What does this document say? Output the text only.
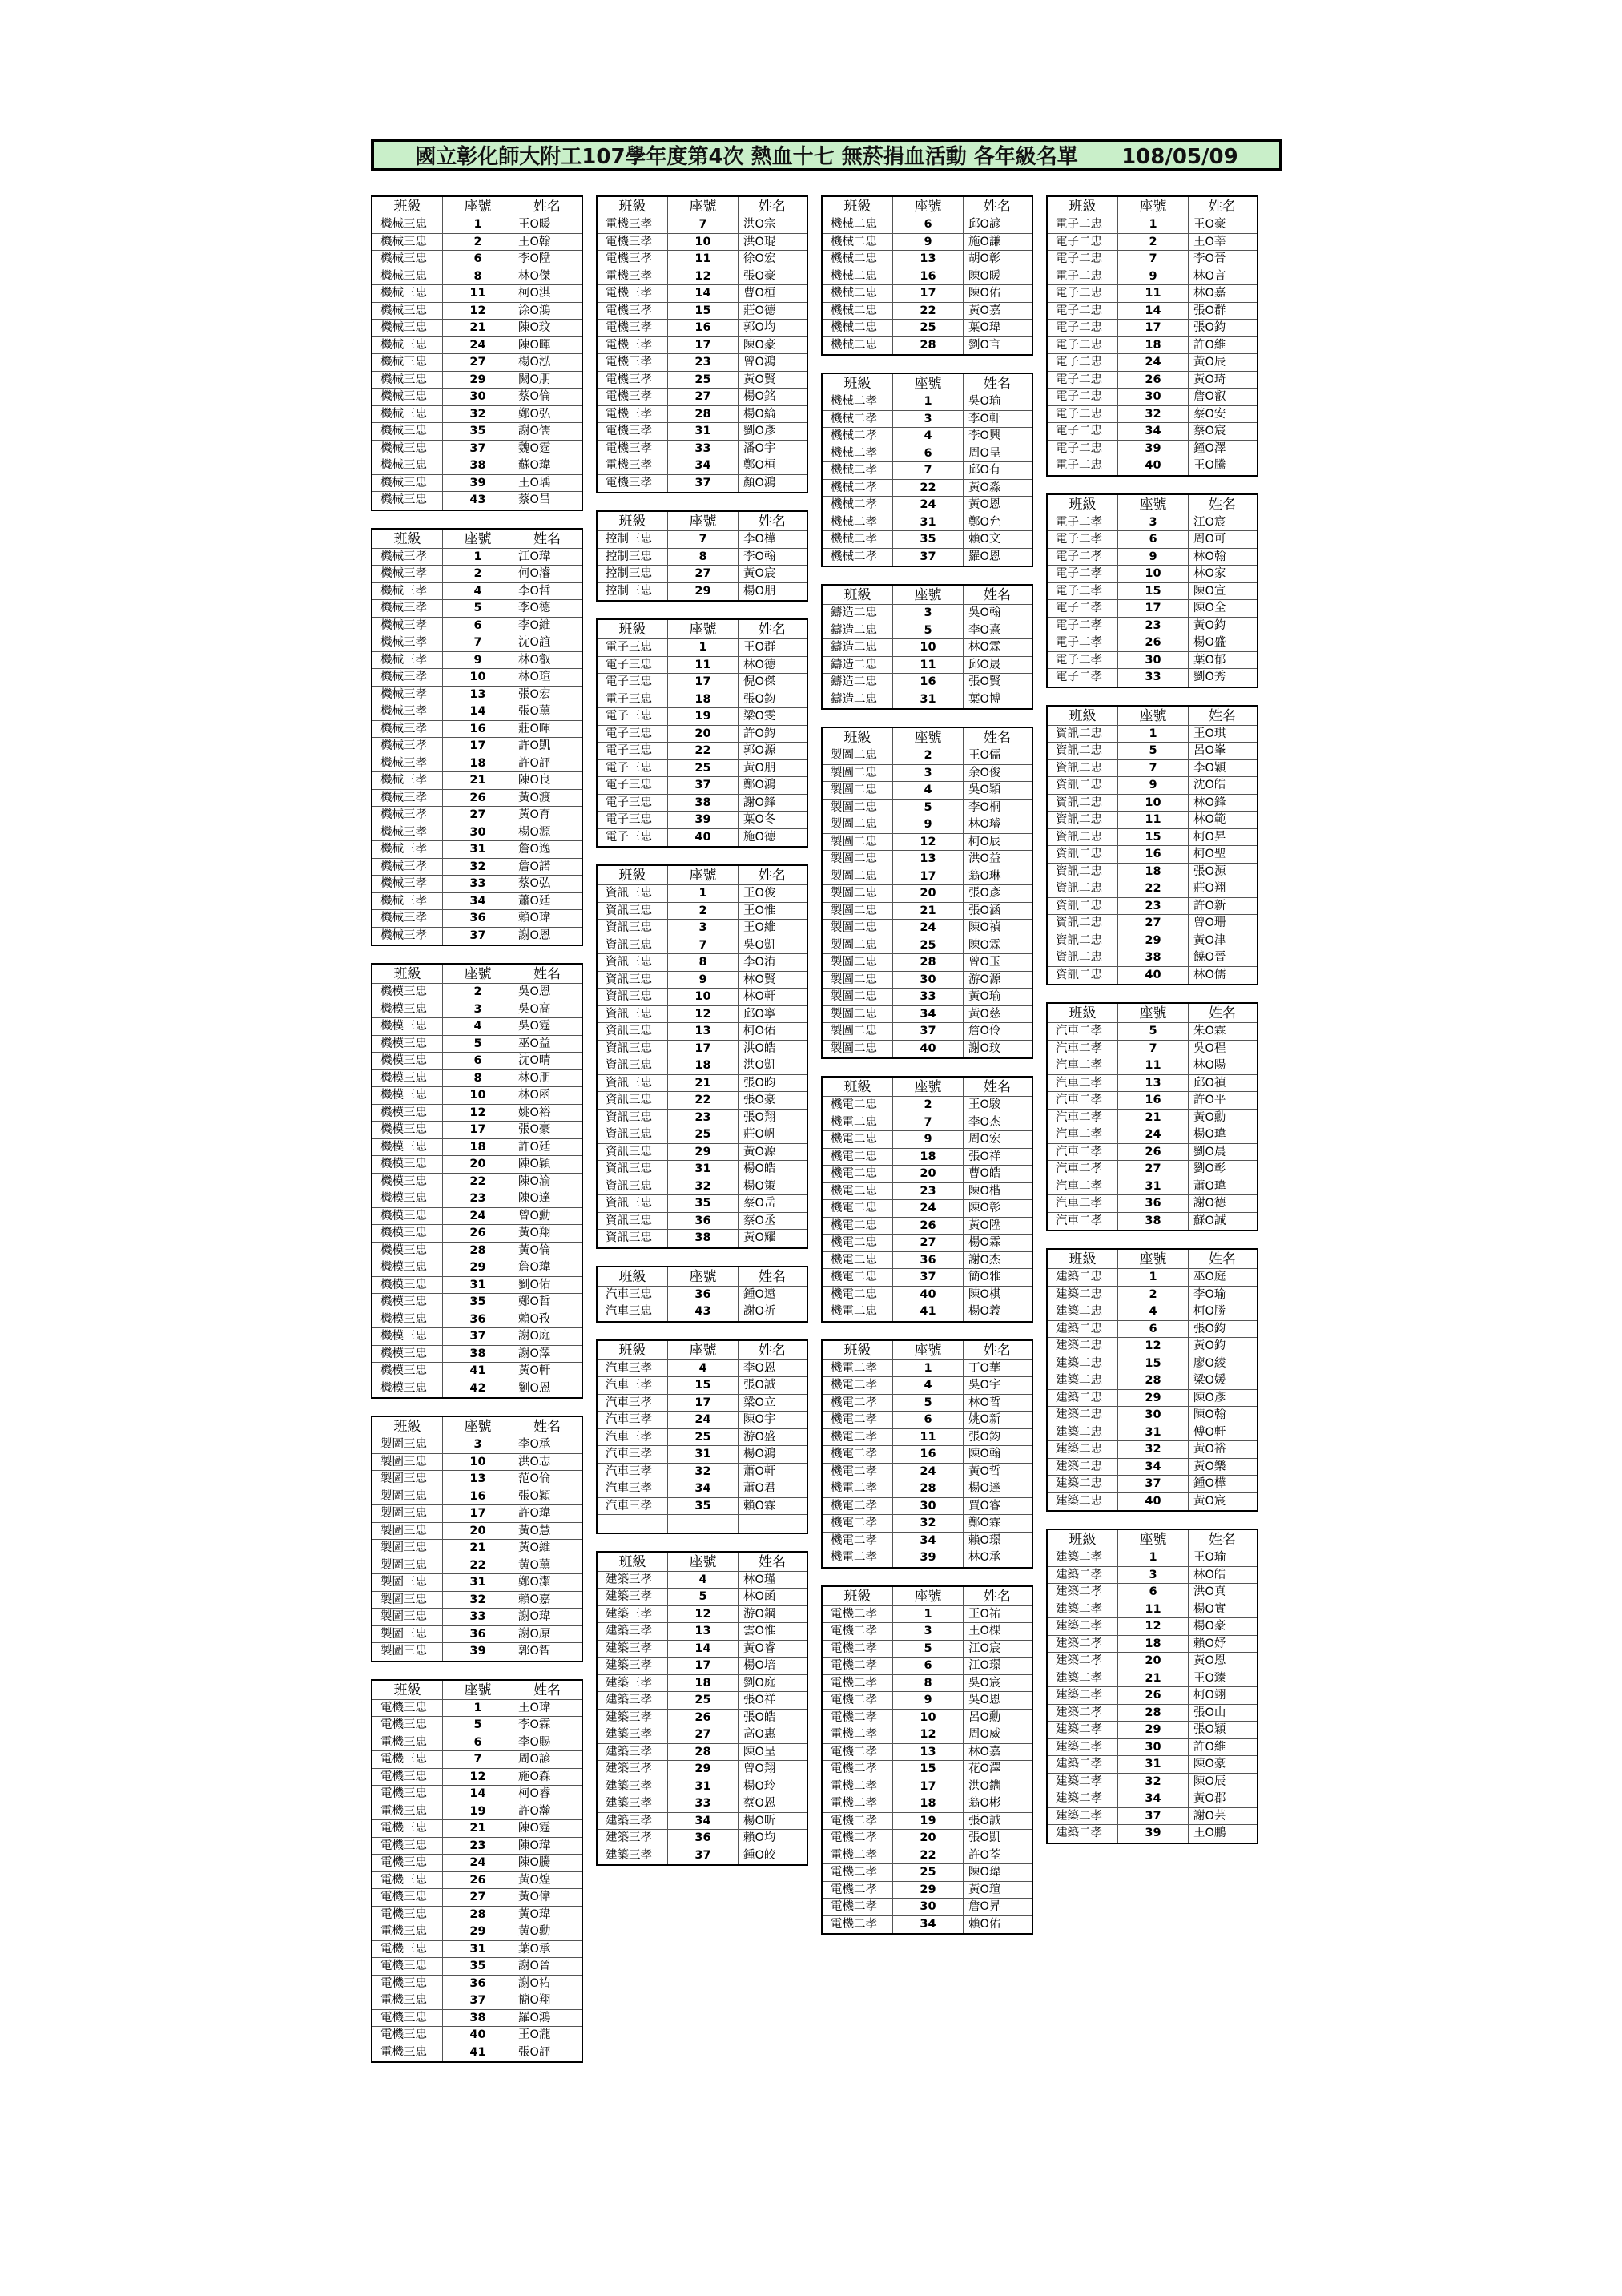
國立彰化師大附工107學年度第4次 熱血十七 無菸捐血活動 各年級名單      108/05/09
班級	座號	姓名
機械三忠	1	王O暖
機械三忠	2	王O翰
機械三忠	6	李O陞
機械三忠	8	林O傑
機械三忠	11	柯O淇
機械三忠	12	涂O鴻
機械三忠	21	陳O玟
機械三忠	24	陳O暉
機械三忠	27	楊O泓
機械三忠	29	闕O朋
機械三忠	30	蔡O倫
機械三忠	32	鄭O弘
機械三忠	35	謝O儒
機械三忠	37	魏O霆
機械三忠	38	蘇O瑋
機械三忠	39	王O瑀
機械三忠	43	蔡O昌
班級	座號	姓名
機械三孝	1	江O瑋
機械三孝	2	何O濬
機械三孝	4	李O哲
機械三孝	5	李O德
機械三孝	6	李O維
機械三孝	7	沈O誼
機械三孝	9	林O叡
機械三孝	10	林O瑄
機械三孝	13	張O宏
機械三孝	14	張O薰
機械三孝	16	莊O暉
機械三孝	17	許O凱
機械三孝	18	許O評
機械三孝	21	陳O良
機械三孝	26	黃O渡
機械三孝	27	黃O育
機械三孝	30	楊O源
機械三孝	31	詹O逸
機械三孝	32	詹O諾
機械三孝	33	蔡O弘
機械三孝	34	蕭O廷
機械三孝	36	賴O瑋
機械三孝	37	謝O恩
班級	座號	姓名
機模三忠	2	吳O恩
機模三忠	3	吳O高
機模三忠	4	吳O霆
機模三忠	5	巫O益
機模三忠	6	沈O晴
機模三忠	8	林O朋
機模三忠	10	林O函
機模三忠	12	姚O裕
機模三忠	17	張O豪
機模三忠	18	許O廷
機模三忠	20	陳O穎
機模三忠	22	陳O渝
機模三忠	23	陳O達
機模三忠	24	曾O勳
機模三忠	26	黃O翔
機模三忠	28	黃O倫
機模三忠	29	詹O瑋
機模三忠	31	劉O佑
機模三忠	35	鄭O哲
機模三忠	36	賴O孜
機模三忠	37	謝O庭
機模三忠	38	謝O澤
機模三忠	41	黃O軒
機模三忠	42	劉O恩
班級	座號	姓名
製圖三忠	3	李O承
製圖三忠	10	洪O志
製圖三忠	13	范O倫
製圖三忠	16	張O穎
製圖三忠	17	許O瑋
製圖三忠	20	黃O慧
製圖三忠	21	黃O維
製圖三忠	22	黃O薰
製圖三忠	31	鄭O潔
製圖三忠	32	賴O嘉
製圖三忠	33	謝O瑋
製圖三忠	36	謝O原
製圖三忠	39	郭O智
班級	座號	姓名
電機三忠	1	王O瑋
電機三忠	5	李O霖
電機三忠	6	李O賜
電機三忠	7	周O諺
電機三忠	12	施O森
電機三忠	14	柯O睿
電機三忠	19	許O瀚
電機三忠	21	陳O霆
電機三忠	23	陳O瑋
電機三忠	24	陳O騰
電機三忠	26	黃O煌
電機三忠	27	黃O偉
電機三忠	28	黃O瑋
電機三忠	29	黃O勳
電機三忠	31	葉O承
電機三忠	35	謝O晉
電機三忠	36	謝O祐
電機三忠	37	簡O翔
電機三忠	38	羅O鴻
電機三忠	40	王O瀧
電機三忠	41	張O評
班級	座號	姓名
電機三孝	7	洪O宗
電機三孝	10	洪O琨
電機三孝	11	徐O宏
電機三孝	12	張O豪
電機三孝	14	曹O桓
電機三孝	15	莊O德
電機三孝	16	郭O均
電機三孝	17	陳O豪
電機三孝	23	曾O鴻
電機三孝	25	黃O賢
電機三孝	27	楊O銘
電機三孝	28	楊O綸
電機三孝	31	劉O彥
電機三孝	33	潘O宇
電機三孝	34	鄭O桓
電機三孝	37	顏O鴻
班級	座號	姓名
控制三忠	7	李O樺
控制三忠	8	李O翰
控制三忠	27	黃O宸
控制三忠	29	楊O朋
班級	座號	姓名
電子三忠	1	王O群
電子三忠	11	林O德
電子三忠	17	倪O傑
電子三忠	18	張O鈞
電子三忠	19	梁O雯
電子三忠	20	許O鈞
電子三忠	22	郭O源
電子三忠	25	黃O朋
電子三忠	37	鄭O鴻
電子三忠	38	謝O鋒
電子三忠	39	葉O冬
電子三忠	40	施O德
班級	座號	姓名
資訊三忠	1	王O俊
資訊三忠	2	王O惟
資訊三忠	3	王O維
資訊三忠	7	吳O凱
資訊三忠	8	李O洧
資訊三忠	9	林O賢
資訊三忠	10	林O軒
資訊三忠	12	邱O寧
資訊三忠	13	柯O佑
資訊三忠	17	洪O皓
資訊三忠	18	洪O凱
資訊三忠	21	張O昀
資訊三忠	22	張O豪
資訊三忠	23	張O翔
資訊三忠	25	莊O帆
資訊三忠	29	黃O源
資訊三忠	31	楊O皓
資訊三忠	32	楊O策
資訊三忠	35	蔡O岳
資訊三忠	36	蔡O丞
資訊三忠	38	黃O耀
班級	座號	姓名
汽車三忠	36	鍾O遠
汽車三忠	43	謝O祈
班級	座號	姓名
汽車三孝	4	李O恩
汽車三孝	15	張O誠
汽車三孝	17	梁O立
汽車三孝	24	陳O宇
汽車三孝	25	游O盛
汽車三孝	31	楊O鴻
汽車三孝	32	蕭O軒
汽車三孝	34	蕭O君
汽車三孝	35	賴O霖
班級	座號	姓名
建築三孝	4	林O瑾
建築三孝	5	林O函
建築三孝	12	游O鋼
建築三孝	13	雲O惟
建築三孝	14	黃O睿
建築三孝	17	楊O培
建築三孝	18	劉O庭
建築三孝	25	張O祥
建築三孝	26	張O皓
建築三孝	27	高O惠
建築三孝	28	陳O呈
建築三孝	29	曾O翔
建築三孝	31	楊O玲
建築三孝	33	蔡O恩
建築三孝	34	楊O昕
建築三孝	36	賴O均
建築三孝	37	鍾O皎
班級	座號	姓名
機械二忠	6	邱O諺
機械二忠	9	施O謙
機械二忠	13	胡O彰
機械二忠	16	陳O暖
機械二忠	17	陳O佑
機械二忠	22	黃O嘉
機械二忠	25	葉O瑋
機械二忠	28	劉O言
班級	座號	姓名
機械二孝	1	吳O瑜
機械二孝	3	李O軒
機械二孝	4	李O興
機械二孝	6	周O呈
機械二孝	7	邱O有
機械二孝	22	黃O淼
機械二孝	24	黃O恩
機械二孝	31	鄭O允
機械二孝	35	賴O文
機械二孝	37	羅O恩
班級	座號	姓名
鑄造二忠	3	吳O翰
鑄造二忠	5	李O熹
鑄造二忠	10	林O霖
鑄造二忠	11	邱O晟
鑄造二忠	16	張O賢
鑄造二忠	31	葉O博
班級	座號	姓名
製圖二忠	2	王O儒
製圖二忠	3	余O俊
製圖二忠	4	吳O穎
製圖二忠	5	李O桐
製圖二忠	9	林O璿
製圖二忠	12	柯O辰
製圖二忠	13	洪O益
製圖二忠	17	翁O琳
製圖二忠	20	張O彥
製圖二忠	21	張O涵
製圖二忠	24	陳O禎
製圖二忠	25	陳O霖
製圖二忠	28	曾O玉
製圖二忠	30	游O源
製圖二忠	33	黃O瑜
製圖二忠	34	黃O慈
製圖二忠	37	詹O伶
製圖二忠	40	謝O玟
班級	座號	姓名
機電二忠	2	王O駿
機電二忠	7	李O杰
機電二忠	9	周O宏
機電二忠	18	張O祥
機電二忠	20	曹O皓
機電二忠	23	陳O楷
機電二忠	24	陳O彰
機電二忠	26	黃O陞
機電二忠	27	楊O霖
機電二忠	36	謝O杰
機電二忠	37	簡O雅
機電二忠	40	陳O棋
機電二忠	41	楊O義
班級	座號	姓名
機電二孝	1	丁O華
機電二孝	4	吳O宇
機電二孝	5	林O哲
機電二孝	6	姚O新
機電二孝	11	張O鈞
機電二孝	16	陳O翰
機電二孝	24	黃O哲
機電二孝	28	楊O達
機電二孝	30	賈O睿
機電二孝	32	鄭O霖
機電二孝	34	賴O璟
機電二孝	39	林O承
班級	座號	姓名
電機二孝	1	王O祐
電機二孝	3	王O棵
電機二孝	5	江O宸
電機二孝	6	江O璟
電機二孝	8	吳O宸
電機二孝	9	吳O恩
電機二孝	10	呂O勳
電機二孝	12	周O威
電機二孝	13	林O嘉
電機二孝	15	花O澤
電機二孝	17	洪O鐫
電機二孝	18	翁O彬
電機二孝	19	張O誠
電機二孝	20	張O凱
電機二孝	22	許O荃
電機二孝	25	陳O瑋
電機二孝	29	黃O瑄
電機二孝	30	詹O昇
電機二孝	34	賴O佑
班級	座號	姓名
電子二忠	1	王O豪
電子二忠	2	王O莘
電子二忠	7	李O晉
電子二忠	9	林O言
電子二忠	11	林O嘉
電子二忠	14	張O群
電子二忠	17	張O鈞
電子二忠	18	許O維
電子二忠	24	黃O辰
電子二忠	26	黃O琦
電子二忠	30	詹O叡
電子二忠	32	蔡O安
電子二忠	34	蔡O宸
電子二忠	39	鐘O澤
電子二忠	40	王O騰
班級	座號	姓名
電子二孝	3	江O宸
電子二孝	6	周O可
電子二孝	9	林O翰
電子二孝	10	林O家
電子二孝	15	陳O宣
電子二孝	17	陳O全
電子二孝	23	黃O鈞
電子二孝	26	楊O盛
電子二孝	30	葉O郁
電子二孝	33	劉O秀
班級	座號	姓名
資訊二忠	1	王O琪
資訊二忠	5	呂O峯
資訊二忠	7	李O穎
資訊二忠	9	沈O皓
資訊二忠	10	林O鋒
資訊二忠	11	林O範
資訊二忠	15	柯O昇
資訊二忠	16	柯O聖
資訊二忠	18	張O源
資訊二忠	22	莊O翔
資訊二忠	23	許O新
資訊二忠	27	曾O珊
資訊二忠	29	黃O津
資訊二忠	38	饒O晉
資訊二忠	40	林O儒
班級	座號	姓名
汽車二孝	5	朱O霖
汽車二孝	7	吳O程
汽車二孝	11	林O陽
汽車二孝	13	邱O禎
汽車二孝	16	許O平
汽車二孝	21	黃O勳
汽車二孝	24	楊O瑋
汽車二孝	26	劉O晨
汽車二孝	27	劉O彰
汽車二孝	31	蕭O瑋
汽車二孝	36	謝O德
汽車二孝	38	蘇O誠
班級	座號	姓名
建築二忠	1	巫O庭
建築二忠	2	李O瑜
建築二忠	4	柯O勝
建築二忠	6	張O鈞
建築二忠	12	黃O鈞
建築二忠	15	廖O綾
建築二忠	28	梁O媛
建築二忠	29	陳O彥
建築二忠	30	陳O翰
建築二忠	31	傅O軒
建築二忠	32	黃O裕
建築二忠	34	黃O樂
建築二忠	37	鍾O樺
建築二忠	40	黃O宸
班級	座號	姓名
建築二孝	1	王O瑜
建築二孝	3	林O皓
建築二孝	6	洪O真
建築二孝	11	楊O實
建築二孝	12	楊O豪
建築二孝	18	賴O妤
建築二孝	20	黃O恩
建築二孝	21	王O臻
建築二孝	26	柯O翊
建築二孝	28	張O山
建築二孝	29	張O穎
建築二孝	30	許O維
建築二孝	31	陳O豪
建築二孝	32	陳O辰
建築二孝	34	黃O郡
建築二孝	37	謝O芸
建築二孝	39	王O鵬
